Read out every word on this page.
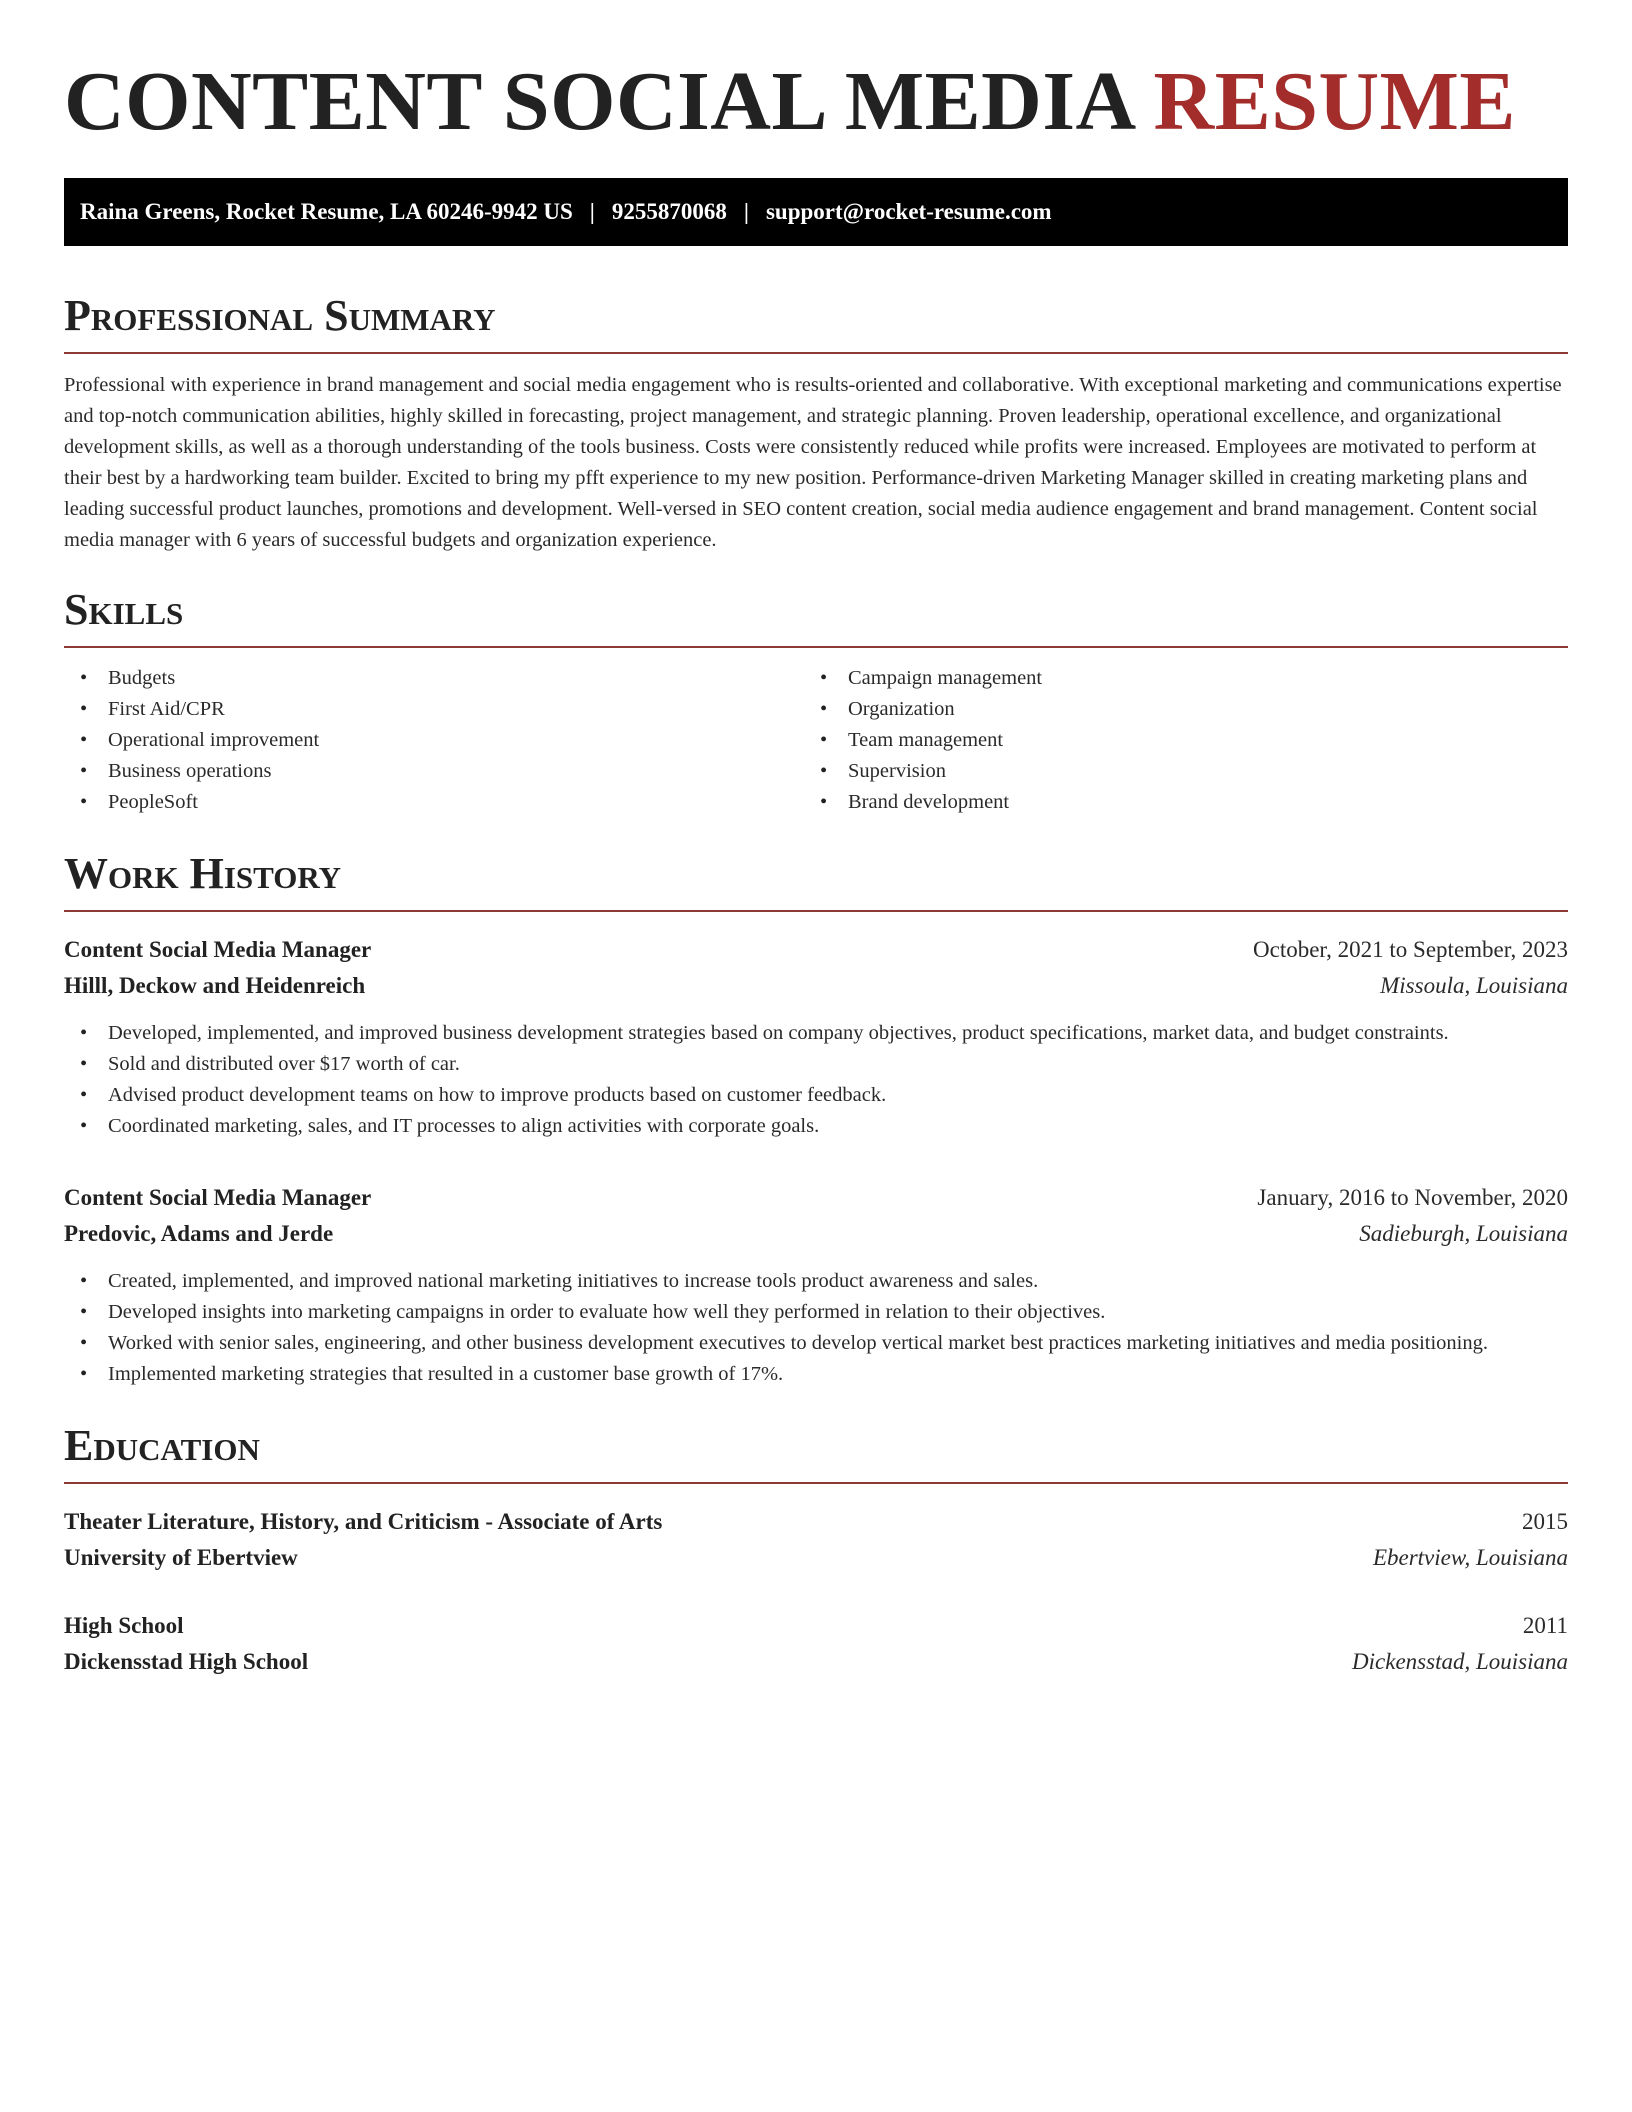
CONTENT SOCIAL MEDIA RESUME
Raina Greens, Rocket Resume, LA 60246-9942 US | 9255870068 | support@rocket-resume.com
Professional Summary

Professional with experience in brand management and social media engagement who is results-oriented and collaborative. With exceptional marketing and communications expertise and top-notch communication abilities, highly skilled in forecasting, project management, and strategic planning. Proven leadership, operational excellence, and organizational development skills, as well as a thorough understanding of the tools business. Costs were consistently reduced while profits were increased. Employees are motivated to perform at their best by a hardworking team builder. Excited to bring my pfft experience to my new position. Performance-driven Marketing Manager skilled in creating marketing plans and leading successful product launches, promotions and development. Well-versed in SEO content creation, social media audience engagement and brand management. Content social media manager with 6 years of successful budgets and organization experience.

Skills
• Budgets
• First Aid/CPR
• Operational improvement
• Business operations
• PeopleSoft
• Campaign management
• Organization
• Team management
• Supervision
• Brand development
Work History
Content Social Media Manager	October, 2021 to September, 2023
Hilll, Deckow and Heidenreich	Missoula, Louisiana
• Developed, implemented, and improved business development strategies based on company objectives, product specifications, market data, and budget constraints.
• Sold and distributed over $17 worth of car.
• Advised product development teams on how to improve products based on customer feedback.
• Coordinated marketing, sales, and IT processes to align activities with corporate goals.
Content Social Media Manager	January, 2016 to November, 2020
Predovic, Adams and Jerde	Sadieburgh, Louisiana
• Created, implemented, and improved national marketing initiatives to increase tools product awareness and sales.
• Developed insights into marketing campaigns in order to evaluate how well they performed in relation to their objectives.
• Worked with senior sales, engineering, and other business development executives to develop vertical market best practices marketing initiatives and media positioning.
• Implemented marketing strategies that resulted in a customer base growth of 17%.
Education
Theater Literature, History, and Criticism - Associate of Arts	2015
University of Ebertview	Ebertview, Louisiana
High School	2011
Dickensstad High School	Dickensstad, Louisiana
